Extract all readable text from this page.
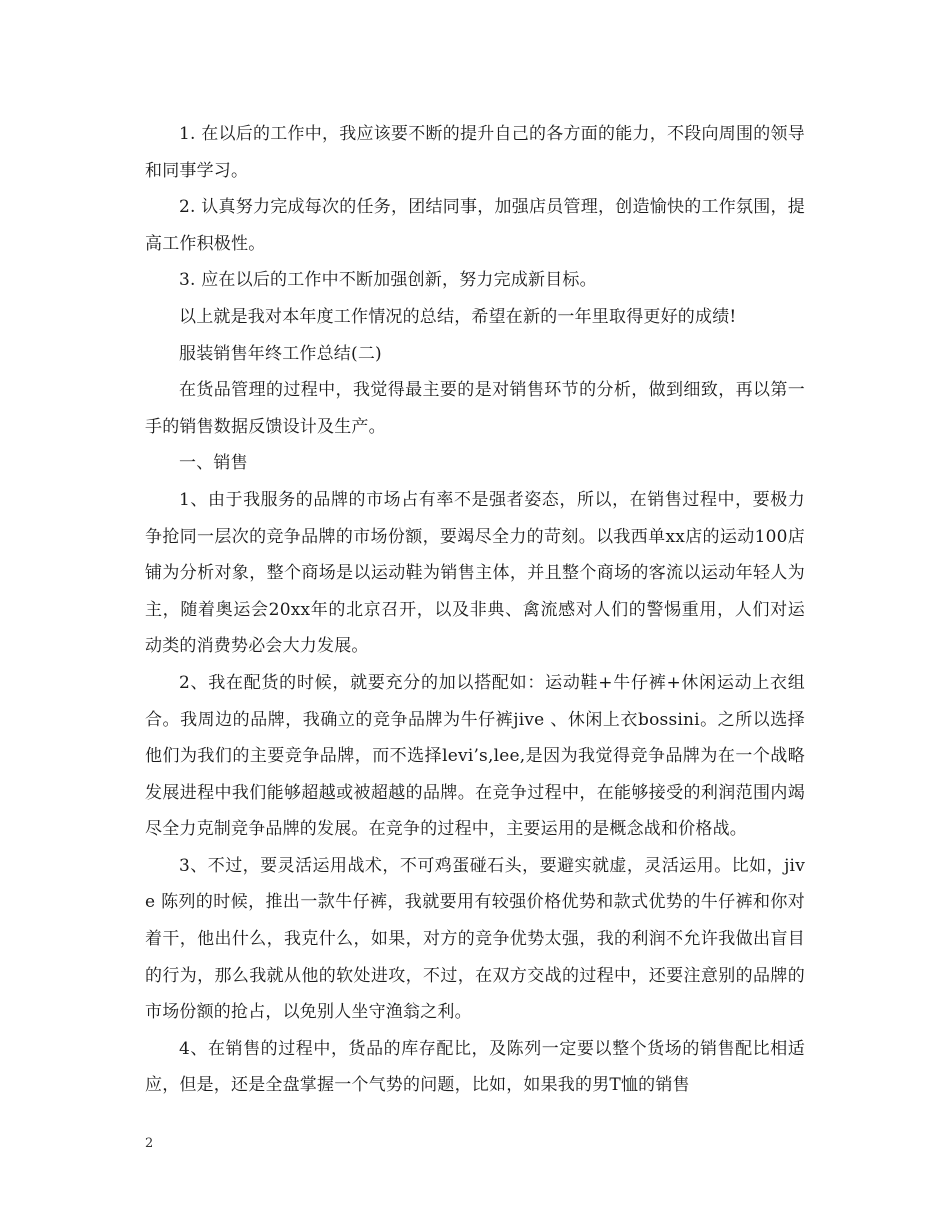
1. 在以后的工作中，我应该要不断的提升自己的各方面的能力，不段向周围的领导和同事学习。

2. 认真努力完成每次的任务，团结同事，加强店员管理，创造愉快的工作氛围，提高工作积极性。

3. 应在以后的工作中不断加强创新，努力完成新目标。

以上就是我对本年度工作情况的总结，希望在新的一年里取得更好的成绩!

服装销售年终工作总结(二)

在货品管理的过程中，我觉得最主要的是对销售环节的分析，做到细致，再以第一手的销售数据反馈设计及生产。

一、销售

1、由于我服务的品牌的市场占有率不是强者姿态，所以，在销售过程中，要极力争抢同一层次的竞争品牌的市场份额，要竭尽全力的苛刻。以我西单xx店的运动100店铺为分析对象，整个商场是以运动鞋为销售主体，并且整个商场的客流以运动年轻人为主，随着奥运会20xx年的北京召开，以及非典、禽流感对人们的警惕重用，人们对运动类的消费势必会大力发展。

2、我在配货的时候，就要充分的加以搭配如：运动鞋+牛仔裤+休闲运动上衣组合。我周边的品牌，我确立的竞争品牌为牛仔裤jive 、休闲上衣bossini。之所以选择他们为我们的主要竞争品牌，而不选择levi’s,lee,是因为我觉得竞争品牌为在一个战略发展进程中我们能够超越或被超越的品牌。在竞争过程中，在能够接受的利润范围内竭尽全力克制竞争品牌的发展。在竞争的过程中，主要运用的是概念战和价格战。

3、不过，要灵活运用战术，不可鸡蛋碰石头，要避实就虚，灵活运用。比如，jive 陈列的时候，推出一款牛仔裤，我就要用有较强价格优势和款式优势的牛仔裤和你对着干，他出什么，我克什么，如果，对方的竞争优势太强，我的利润不允许我做出盲目的行为，那么我就从他的软处进攻，不过，在双方交战的过程中，还要注意别的品牌的市场份额的抢占，以免别人坐守渔翁之利。

4、在销售的过程中，货品的库存配比，及陈列一定要以整个货场的销售配比相适应，但是，还是全盘掌握一个气势的问题，比如，如果我的男T恤的销售

2
